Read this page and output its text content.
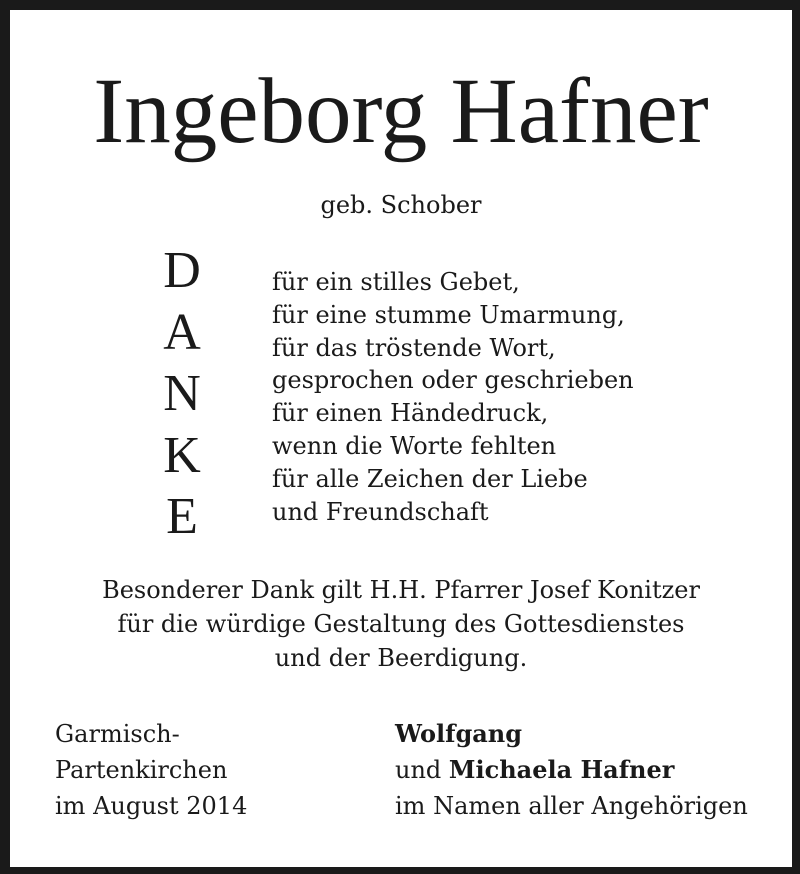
Ingeborg Hafner
geb. Schober
D
A
N
K
E
für ein stilles Gebet,
für eine stumme Umarmung,
für das tröstende Wort,
gesprochen oder geschrieben
für einen Händedruck,
wenn die Worte fehlten
für alle Zeichen der Liebe
und Freundschaft
Besonderer Dank gilt H.H. Pfarrer Josef Konitzer
für die würdige Gestaltung des Gottesdienstes
und der Beerdigung.
Garmisch-
Partenkirchen
im August 2014
Wolfgang
und Michaela Hafner
im Namen aller Angehörigen
